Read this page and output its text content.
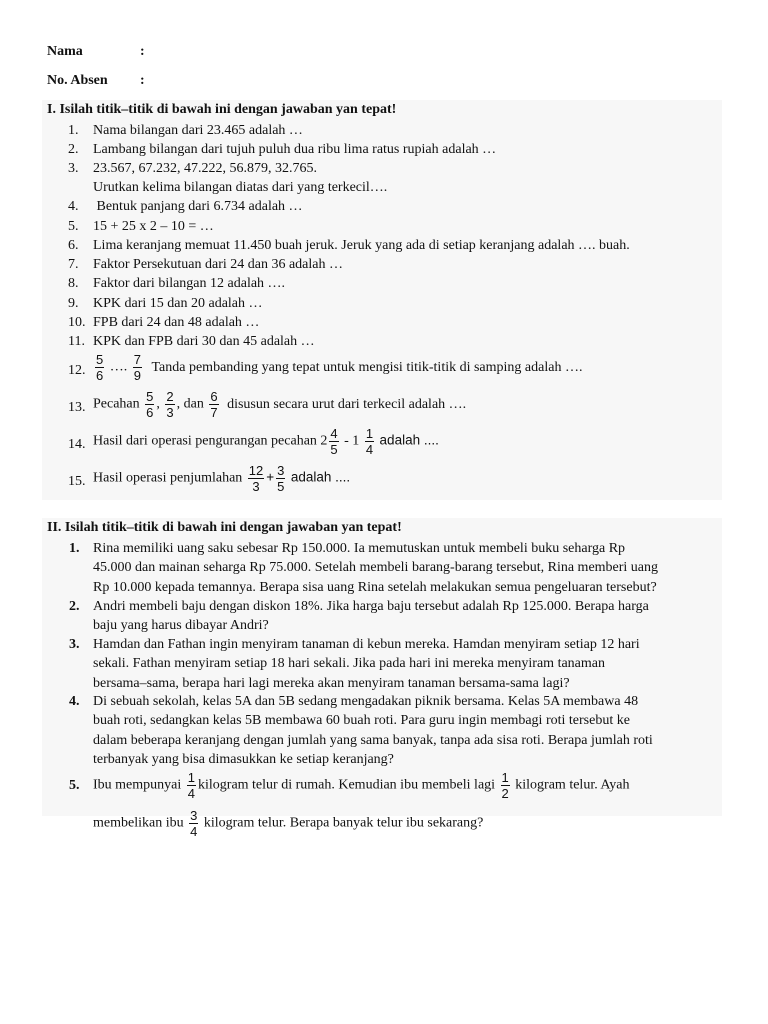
Nama	:
No. Absen :
I. Isilah titik–titik di bawah ini dengan jawaban yan tepat!
1.	Nama bilangan dari 23.465 adalah …
2.	Lambang bilangan dari tujuh puluh dua ribu lima ratus rupiah adalah …
3.	23.567, 67.232, 47.222, 56.879, 32.765.
Urutkan kelima bilangan diatas dari yang terkecil….
4.	Bentuk panjang dari 6.734 adalah …
5.	15 + 25 x 2 – 10 = …
6.	Lima keranjang memuat 11.450 buah jeruk. Jeruk yang ada di setiap keranjang adalah …. buah.
7.	Faktor Persekutuan dari 24 dan 36 adalah …
8.	Faktor dari bilangan 12 adalah ….
9.	KPK dari 15 dan 20 adalah …
10. FPB dari 24 dan 48 adalah …
11. KPK dan FPB dari 30 dan 45 adalah …
12. $\frac{5}{6}$ …. $\frac{7}{9}$ Tanda pembanding yang tepat untuk mengisi titik-titik di samping adalah ….
13. Pecahan $\frac{5}{6}$ , $\frac{2}{3}$ , dan $\frac{6}{7}$ disusun secara urut dari terkecil adalah ….
14. Hasil dari operasi pengurangan pecahan $2 \frac{4}{5} - 1 \frac{1}{4}$ adalah ....
15. Hasil operasi penjumlahan $\frac{12}{3} + \frac{3}{5}$ adalah ....
II. Isilah titik–titik di bawah ini dengan jawaban yan tepat!
1. Rina memiliki uang saku sebesar Rp 150.000. Ia memutuskan untuk membeli buku seharga Rp
45.000 dan mainan seharga Rp 75.000. Setelah membeli barang-barang tersebut, Rina memberi uang
Rp 10.000 kepada temannya. Berapa sisa uang Rina setelah melakukan semua pengeluaran tersebut?
2. Andri membeli baju dengan diskon 18%. Jika harga baju tersebut adalah Rp 125.000. Berapa harga
baju yang harus dibayar Andri?
3. Hamdan dan Fathan ingin menyiram tanaman di kebun mereka. Hamdan menyiram setiap 12 hari
sekali. Fathan menyiram setiap 18 hari sekali. Jika pada hari ini mereka menyiram tanaman
bersama–sama, berapa hari lagi mereka akan menyiram tanaman bersama-sama lagi?
4. Di sebuah sekolah, kelas 5A dan 5B sedang mengadakan piknik bersama. Kelas 5A membawa 48
buah roti, sedangkan kelas 5B membawa 60 buah roti. Para guru ingin membagi roti tersebut ke
dalam beberapa keranjang dengan jumlah yang sama banyak, tanpa ada sisa roti. Berapa jumlah roti
terbanyak yang bisa dimasukkan ke setiap keranjang?
5. Ibu mempunyai $\frac{1}{4}$ kilogram telur di rumah. Kemudian ibu membeli lagi $\frac{1}{2}$ kilogram telur. Ayah
membelikan ibu $\frac{3}{4}$ kilogram telur. Berapa banyak telur ibu sekarang?
